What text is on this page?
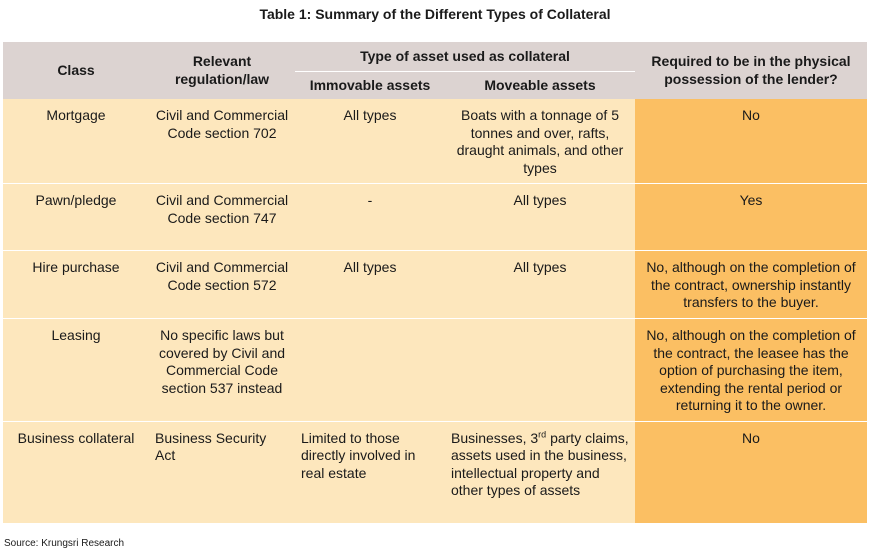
Table 1: Summary of the Different Types of Collateral
Class	Relevant regulation/law	Type of asset used as collateral		Required to be in the physical possession of the lender?
		Immovable assets	Moveable assets	
Mortgage	Civil and Commercial Code section 702	All types	Boats with a tonnage of 5 tonnes and over, rafts, draught animals, and other types	No
Pawn/pledge	Civil and Commercial Code section 747	-	All types	Yes
Hire purchase	Civil and Commercial Code section 572	All types	All types	No, although on the completion of the contract, ownership instantly transfers to the buyer.
Leasing	No specific laws but covered by Civil and Commercial Code section 537 instead			No, although on the completion of the contract, the leasee has the option of purchasing the item, extending the rental period or returning it to the owner.
Business collateral	Business Security Act	Limited to those directly involved in real estate	Businesses, 3rd party claims, assets used in the business, intellectual property and other types of assets	No
Source: Krungsri Research
